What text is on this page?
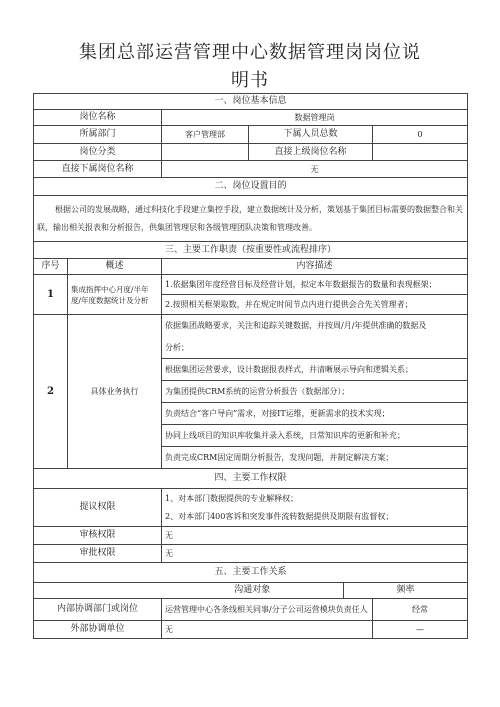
集团总部运营管理中心数据管理岗岗位说
明书
一、岗位基本信息					
岗位名称		数据管理岗			
所属部门		客户管理部	下属人员总数		0
岗位分类			直接上级岗位名称		
直接下属岗位名称		无			
二、岗位设置目的					
根据公司的发展战略，通过科技化手段建立集控手段，建立数据统计及分析，策划基于集团目标需要的数据整合和关联，输出相关报表和分析报告，供集团管理层和各级管理团队决策和管理改善。					
三、主要工作职责（按重要性或流程排序）					
序号	概述	内容描述			
1	集成指挥中心月度/半年度/年度数据统计及分析	1.依据集团年度经营目标及经营计划，拟定本年数据报告的数量和表现框架；			
		2.按照相关框架取数，并在规定时间节点内进行提供会合先关管理者；			
2	具体业务执行	依据集团战略要求，关注和追踪关键数据，并按周/月/年提供准确的数据及			
		分析；			
		根据集团运营要求，设计数据报表样式，并清晰展示导向和逻辑关系；			
		为集团提供CRM系统的运营分析报告（数据部分）；			
		负责结合“客户导向”需求，对接IT运维，更新需求的技术实现；			
		协同上线项目的知识库收集并录入系统，日常知识库的更新和补充；			
		负责完成CRM固定周期分析报告，发现问题，并制定解决方案；			
四、主要工作权限					
提议权限		1、对本部门数据提供的专业解释权；			
		2、对本部门400客诉和突发事件流转数据提供及期限有监督权；			
审核权限		无			
审批权限		无			
五、主要工作关系					
		沟通对象		频率	
内部协调部门或岗位		运营管理中心各条线相关同事/分子公司运营模块负责任人			经常
外部协调单位		无			—
